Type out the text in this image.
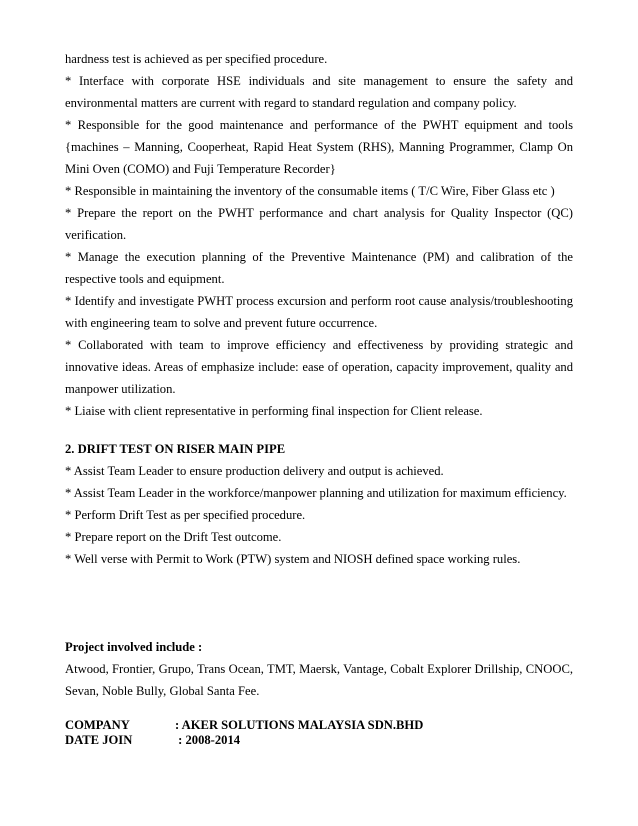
hardness test is achieved as per specified procedure.

* Interface with corporate HSE individuals and site management to ensure the safety and environmental matters are current with regard to standard regulation and company policy.

* Responsible for the good maintenance and performance of the PWHT equipment and tools {machines – Manning, Cooperheat, Rapid Heat System (RHS), Manning Programmer, Clamp On Mini Oven (COMO) and Fuji Temperature Recorder}

* Responsible in maintaining the inventory of the consumable items ( T/C Wire, Fiber Glass etc )

* Prepare the report on the PWHT performance and chart analysis for Quality Inspector (QC) verification.

* Manage the execution planning of the Preventive Maintenance (PM) and calibration of the respective tools and equipment.

* Identify and investigate PWHT process excursion and perform root cause analysis/troubleshooting with engineering team to solve and prevent future occurrence.

* Collaborated with team to improve efficiency and effectiveness by providing strategic and innovative ideas. Areas of emphasize include: ease of operation, capacity improvement, quality and manpower utilization.

* Liaise with client representative in performing final inspection for Client release.

2. DRIFT TEST ON RISER MAIN PIPE

* Assist Team Leader to ensure production delivery and output is achieved.

* Assist Team Leader in the workforce/manpower planning and utilization for maximum efficiency.

* Perform Drift Test as per specified procedure.

* Prepare report on the Drift Test outcome.

* Well verse with Permit to Work (PTW) system and NIOSH defined space working rules.

Project involved include :

Atwood, Frontier, Grupo, Trans Ocean, TMT, Maersk, Vantage, Cobalt Explorer Drillship, CNOOC, Sevan, Noble Bully, Global Santa Fee.

COMPANY	: AKER SOLUTIONS MALAYSIA SDN.BHD
DATE JOIN	: 2008-2014
